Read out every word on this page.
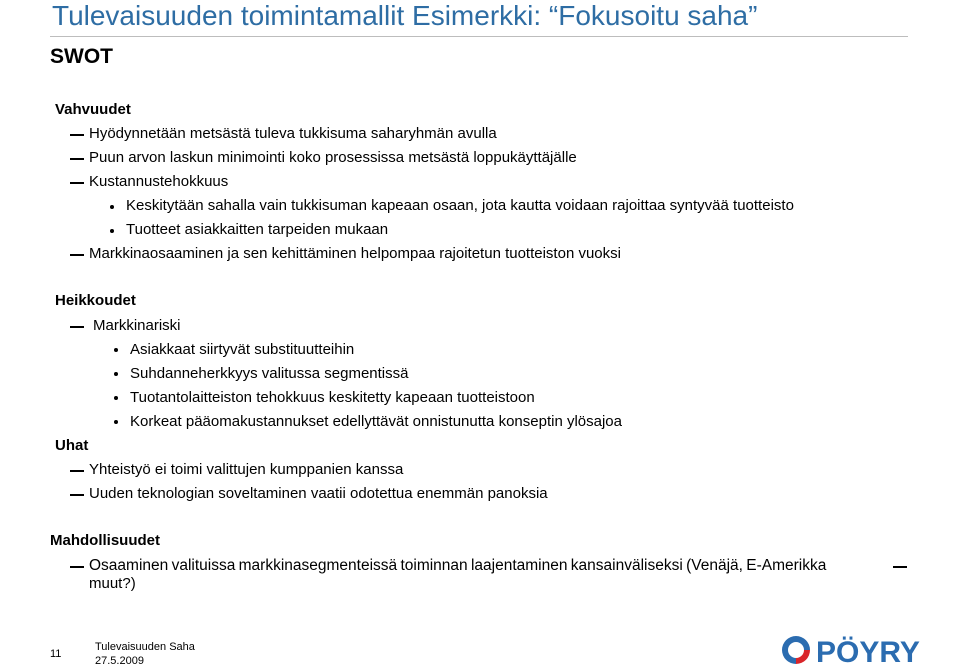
Tulevaisuuden toimintamallit Esimerkki: “Fokusoitu saha”
SWOT
Vahvuudet
Hyödynnetään metsästä tuleva tukkisuma saharyhmän avulla
Puun arvon laskun minimointi koko prosessissa metsästä loppukäyttäjälle
Kustannustehokkuus
Keskitytään sahalla vain tukkisuman kapeaan osaan, jota kautta voidaan rajoittaa syntyvää tuotteisto
Tuotteet asiakkaitten tarpeiden mukaan
Markkinaosaaminen ja sen kehittäminen helpompaa rajoitetun tuotteiston vuoksi
Heikkoudet
Markkinariski
Asiakkaat siirtyvät substituutteihin
Suhdanneherkkyys valitussa segmentissä
Tuotantolaitteiston tehokkuus keskitetty kapeaan tuotteistoon
Korkeat pääomakustannukset edellyttävät onnistunutta konseptin ylösajoa
Uhat
Yhteistyö ei toimi valittujen kumppanien kanssa
Uuden teknologian soveltaminen vaatii odotettua enemmän panoksia
Mahdollisuudet
Osaaminen valituissa markkinasegmenteissä toiminnan laajentaminen kansainväliseksi (Venäjä, E-Amerikka
muut?)
11
Tulevaisuuden Saha
27.5.2009	PÖYRY
